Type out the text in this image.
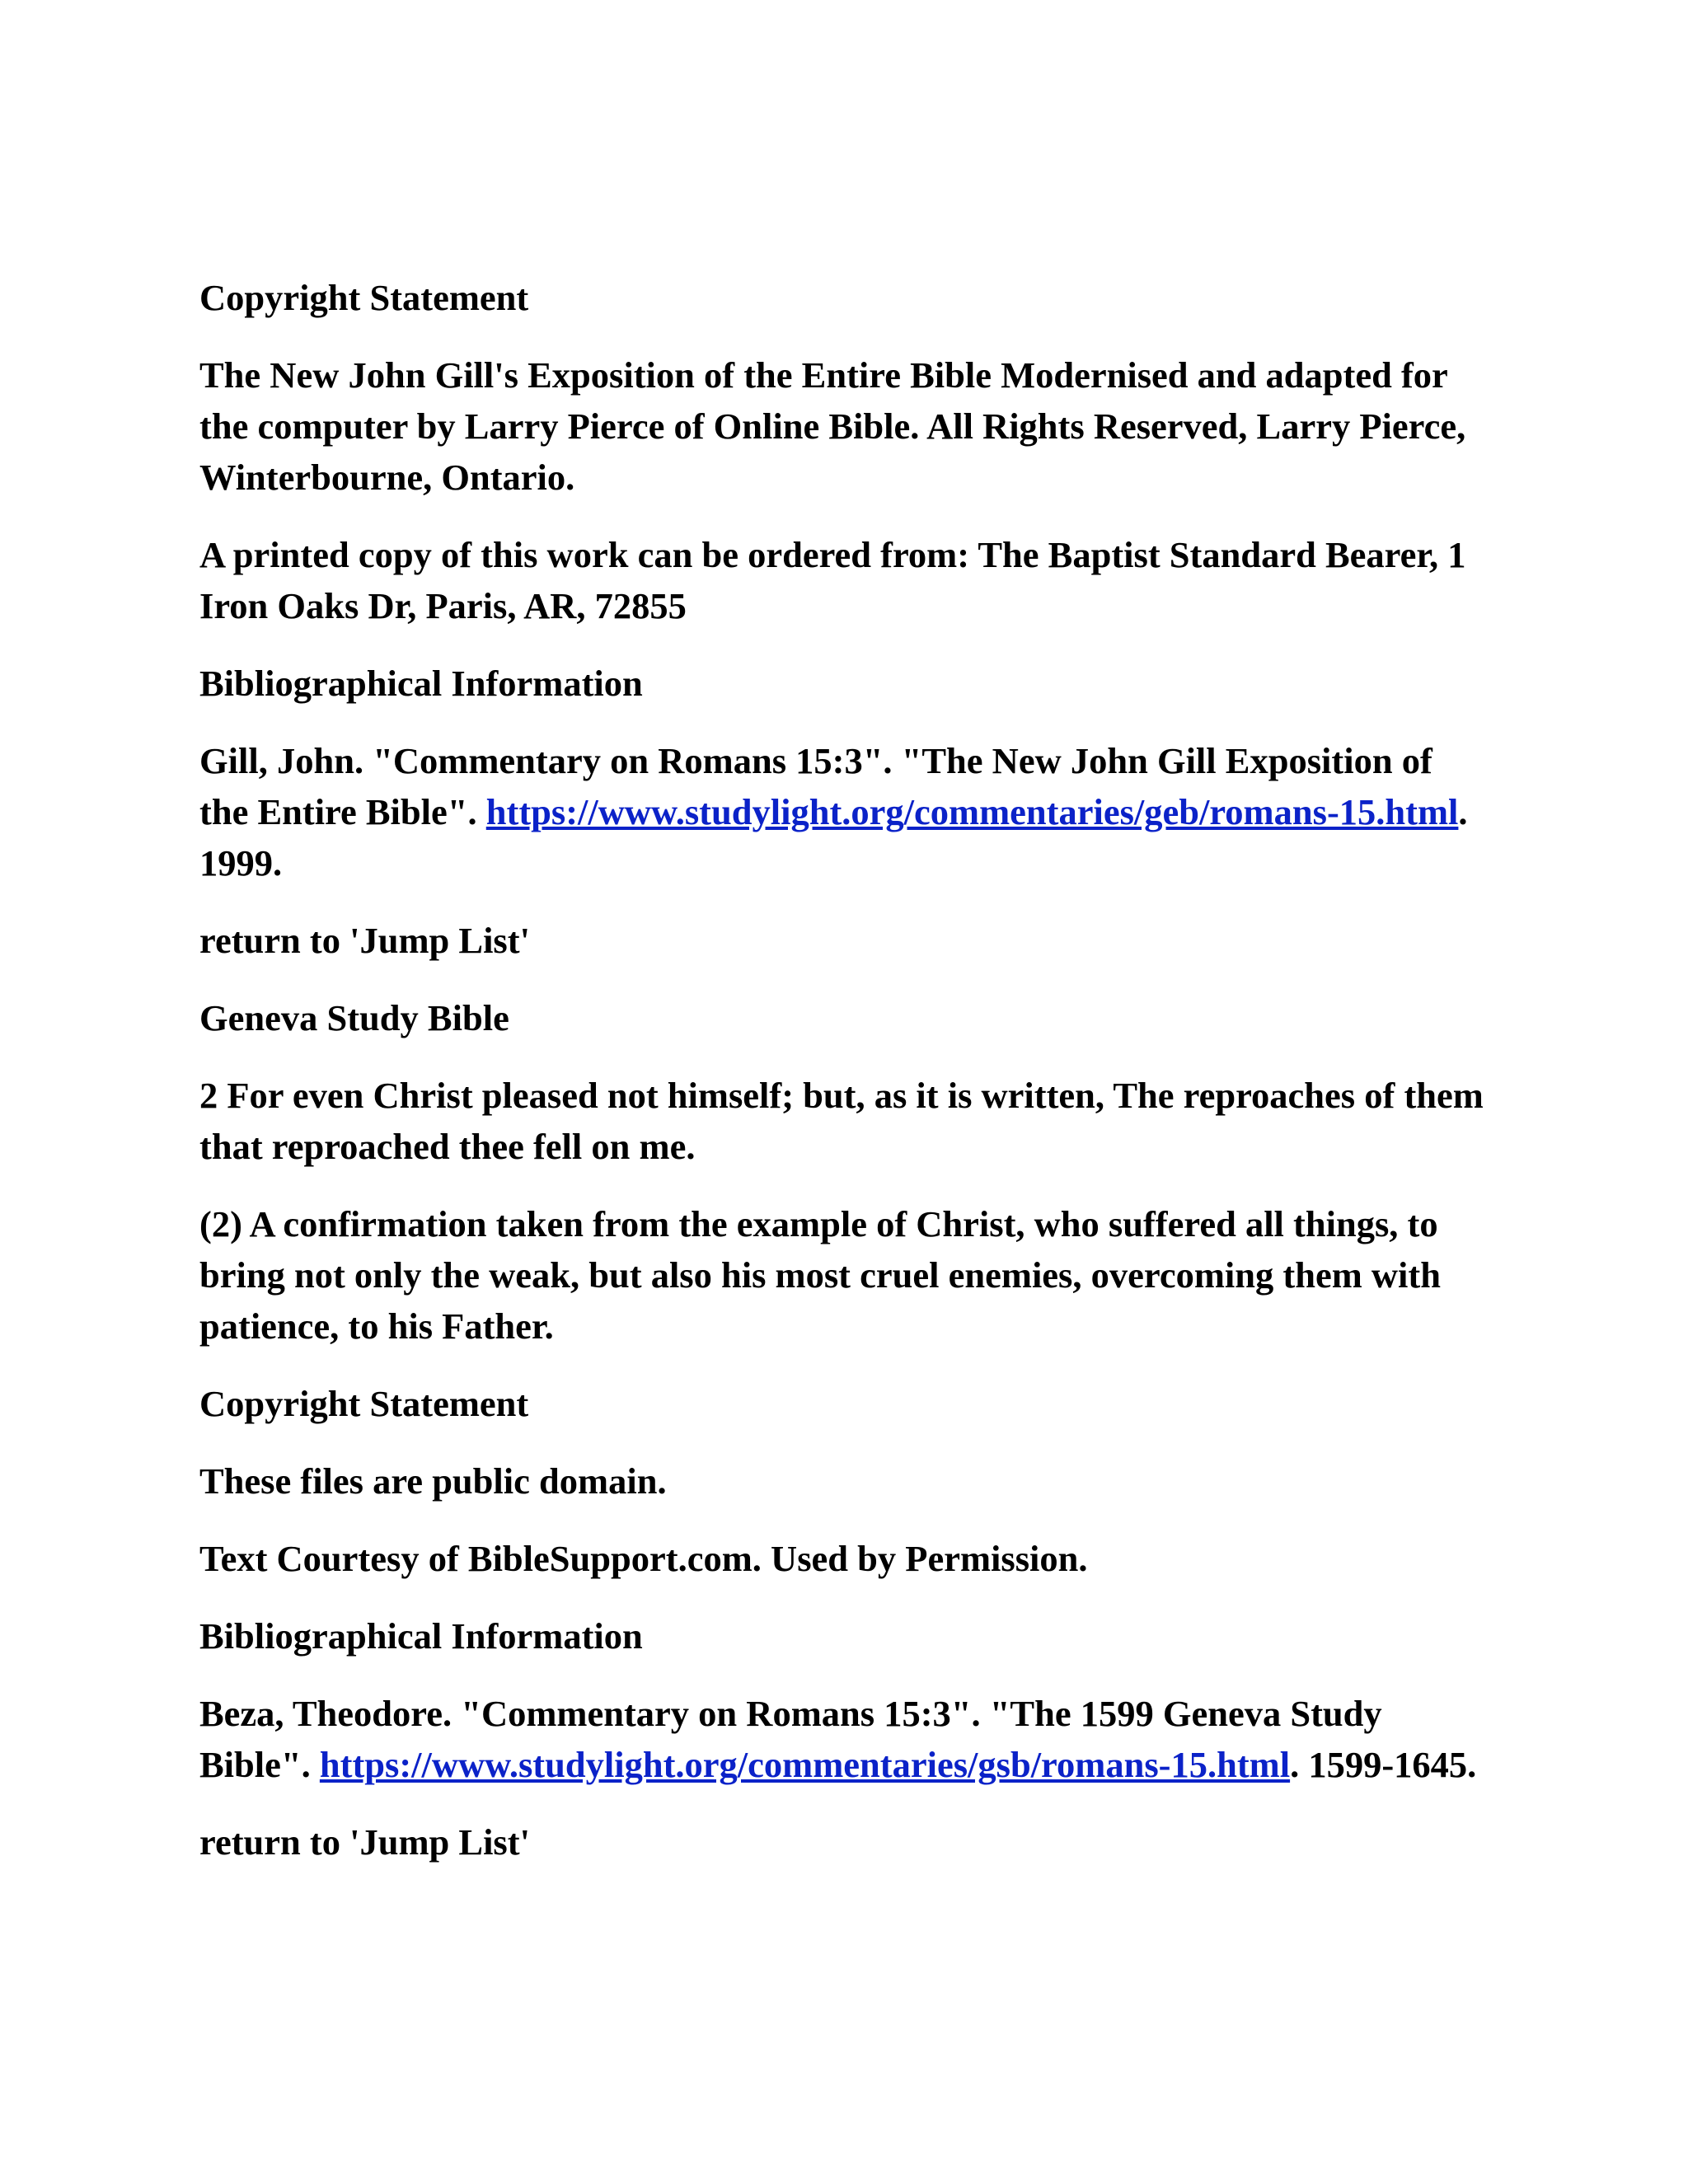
Copyright Statement

The New John Gill's Exposition of the Entire Bible Modernised and adapted for the computer by Larry Pierce of Online Bible. All Rights Reserved, Larry Pierce, Winterbourne, Ontario.

A printed copy of this work can be ordered from: The Baptist Standard Bearer, 1 Iron Oaks Dr, Paris, AR, 72855

Bibliographical Information

Gill, John. "Commentary on Romans 15:3". "The New John Gill Exposition of the Entire Bible". https://www.studylight.org/commentaries/geb/romans-15.html. 1999.

return to 'Jump List'

Geneva Study Bible

2 For even Christ pleased not himself; but, as it is written, The reproaches of them that reproached thee fell on me.

(2) A confirmation taken from the example of Christ, who suffered all things, to bring not only the weak, but also his most cruel enemies, overcoming them with patience, to his Father.

Copyright Statement

These files are public domain.

Text Courtesy of BibleSupport.com. Used by Permission.

Bibliographical Information

Beza, Theodore. "Commentary on Romans 15:3". "The 1599 Geneva Study Bible". https://www.studylight.org/commentaries/gsb/romans-15.html. 1599-1645.

return to 'Jump List'
